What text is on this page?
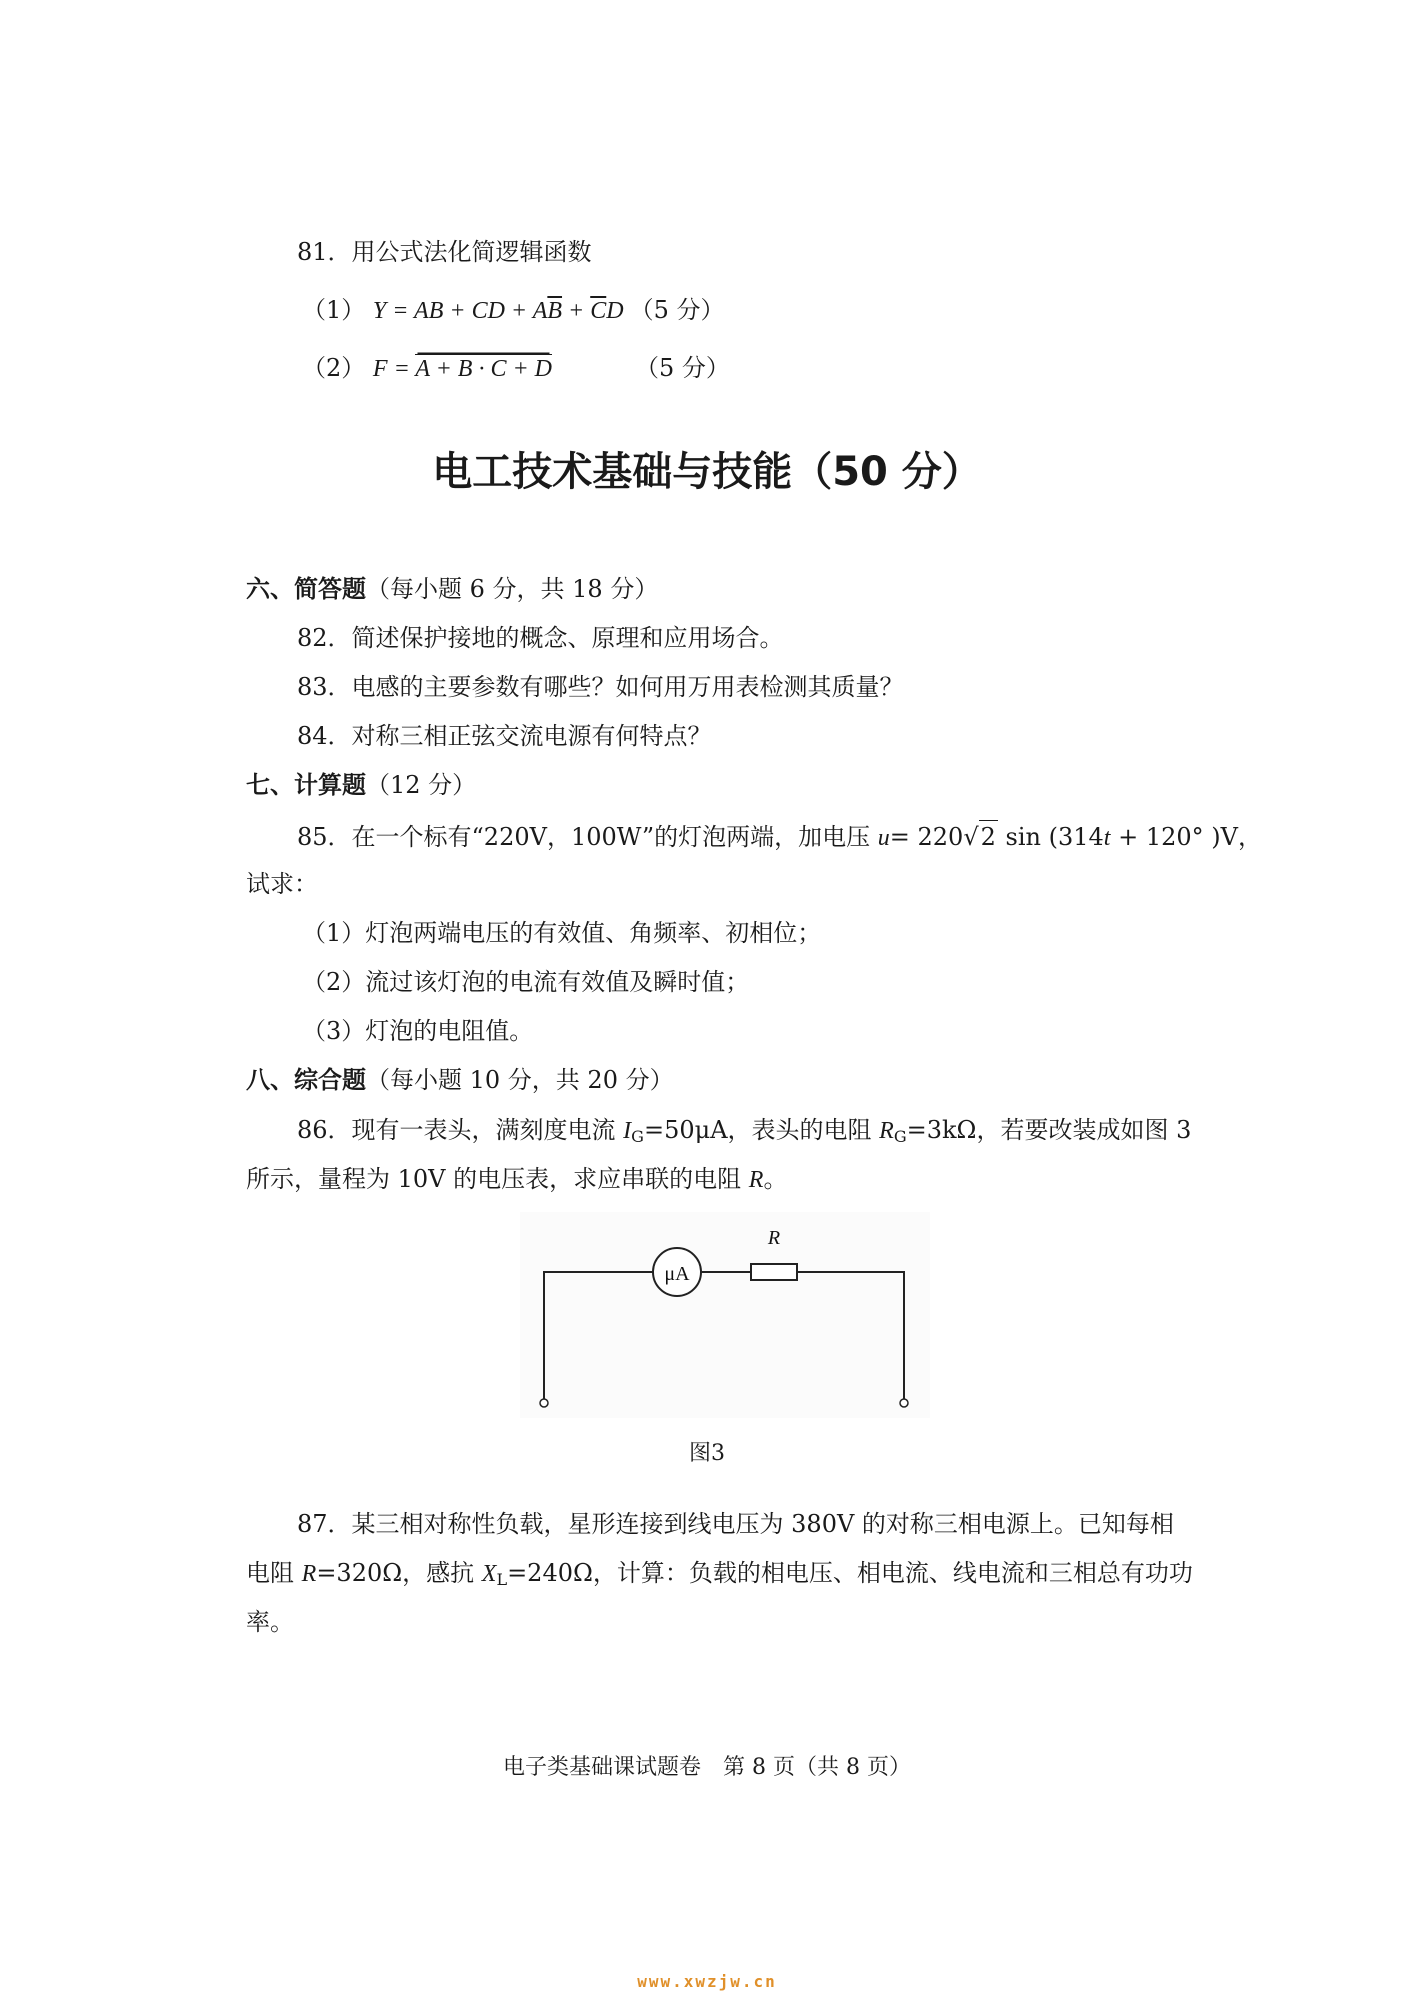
81．用公式法化简逻辑函数
（1） Y = AB + CD + $A\overline{B} + \overline{C}D$ （5 分）
（2） F = A + B · C + D	（5 分）
电工技术基础与技能（50 分）
六、简答题（每小题 6 分，共 18 分）
82．简述保护接地的概念、原理和应用场合。
83．电感的主要参数有哪些？如何用万用表检测其质量？
84．对称三相正弦交流电源有何特点？
七、计算题（12 分）
85．在一个标有“220V，100W”的灯泡两端，加电压 u= 220√2 sin (314t + 120° )V，
试求：
（1）灯泡两端电压的有效值、角频率、初相位；
（2）流过该灯泡的电流有效值及瞬时值；
（3）灯泡的电阻值。
八、综合题（每小题 10 分，共 20 分）
86．现有一表头，满刻度电流 $I_G=50\mu A$，表头的电阻 $R_G=3k\Omega$，若要改装成如图 3
所示，量程为 10V 的电压表，求应串联的电阻 R。
μA
R
图3
87．某三相对称性负载，星形连接到线电压为 380V 的对称三相电源上。已知每相
电阻 R=320Ω，感抗 $X_L=240\Omega$，计算：负载的相电压、相电流、线电流和三相总有功功
率。
电子类基础课试题卷　第 8 页（共 8 页）
www.xwzjw.cn
